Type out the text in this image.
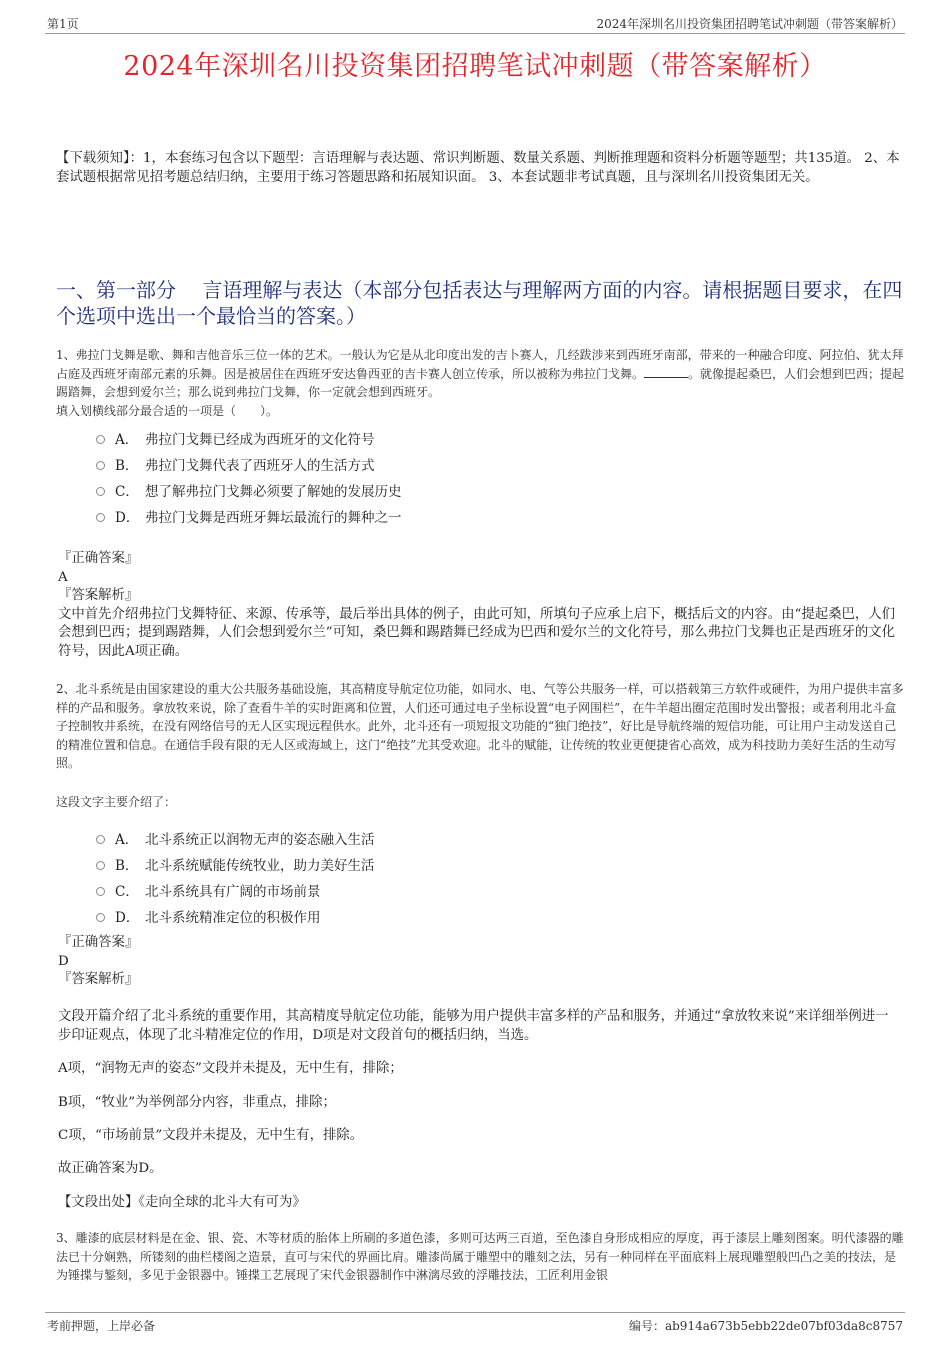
第1页	2024年深圳名川投资集团招聘笔试冲刺题（带答案解析）
2024年深圳名川投资集团招聘笔试冲刺题（带答案解析）
【下载须知】：1，本套练习包含以下题型：言语理解与表达题、常识判断题、数量关系题、判断推理题和资料分析题等题型；共135道。 2、本套试题根据常见招考题总结归纳，主要用于练习答题思路和拓展知识面。 3、本套试题非考试真题，且与深圳名川投资集团无关。
一、第一部分　 言语理解与表达（本部分包括表达与理解两方面的内容。请根据题目要求，在四个选项中选出一个最恰当的答案。）
1、弗拉门戈舞是歌、舞和吉他音乐三位一体的艺术。一般认为它是从北印度出发的吉卜赛人，几经跋涉来到西班牙南部，带来的一种融合印度、阿拉伯、犹太拜占庭及西班牙南部元素的乐舞。因是被居住在西班牙安达鲁西亚的吉卡赛人创立传承，所以被称为弗拉门戈舞。	。就像提起桑巴，人们会想到巴西；提起踢踏舞，会想到爱尔兰；那么说到弗拉门戈舞，你一定就会想到西班牙。
填入划横线部分最合适的一项是（　　）。
A． 弗拉门戈舞已经成为西班牙的文化符号
B． 弗拉门戈舞代表了西班牙人的生活方式
C． 想了解弗拉门戈舞必须要了解她的发展历史
D． 弗拉门戈舞是西班牙舞坛最流行的舞种之一

『正确答案』

A

『答案解析』

文中首先介绍弗拉门戈舞特征、来源、传承等，最后举出具体的例子，由此可知，所填句子应承上启下，概括后文的内容。由“提起桑巴，人们会想到巴西；提到踢踏舞，人们会想到爱尔兰”可知，桑巴舞和踢踏舞已经成为巴西和爱尔兰的文化符号，那么弗拉门戈舞也正是西班牙的文化符号，因此A项正确。

2、北斗系统是由国家建设的重大公共服务基础设施，其高精度导航定位功能，如同水、电、气等公共服务一样，可以搭载第三方软件或硬件，为用户提供丰富多样的产品和服务。拿放牧来说，除了查看牛羊的实时距离和位置，人们还可通过电子坐标设置“电子网围栏”，在牛羊超出圈定范围时发出警报；或者利用北斗盒子控制牧井系统，在没有网络信号的无人区实现远程供水。此外，北斗还有一项短报文功能的“独门绝技”，好比是导航终端的短信功能，可让用户主动发送自己的精准位置和信息。在通信手段有限的无人区或海域上，这门“绝技”尤其受欢迎。北斗的赋能，让传统的牧业更便捷省心高效，成为科技助力美好生活的生动写照。
这段文字主要介绍了：
A． 北斗系统正以润物无声的姿态融入生活
B． 北斗系统赋能传统牧业，助力美好生活
C． 北斗系统具有广阔的市场前景
D． 北斗系统精准定位的积极作用

『正确答案』

D

『答案解析』

文段开篇介绍了北斗系统的重要作用，其高精度导航定位功能，能够为用户提供丰富多样的产品和服务，并通过“拿放牧来说”来详细举例进一步印证观点，体现了北斗精准定位的作用，D项是对文段首句的概括归纳，当选。
A项，“润物无声的姿态”文段并未提及，无中生有，排除；
B项，“牧业”为举例部分内容，非重点，排除；
C项，“市场前景”文段并未提及，无中生有，排除。
故正确答案为D。
【文段出处】《走向全球的北斗大有可为》
3、雕漆的底层材料是在金、银、瓷、木等材质的胎体上所刷的多道色漆，多则可达两三百道，至色漆自身形成相应的厚度，再于漆层上雕刻图案。明代漆器的雕法已十分娴熟，所镂刻的曲栏楼阁之造景，直可与宋代的界画比肩。雕漆尚属于雕塑中的雕刻之法，另有一种同样在平面底料上展现雕塑般凹凸之美的技法，是为锤揲与錾刻，多见于金银器中。锤揲工艺展现了宋代金银器制作中淋漓尽致的浮雕技法，工匠利用金银
考前押题，上岸必备	编号：ab914a673b5ebb22de07bf03da8c8757
